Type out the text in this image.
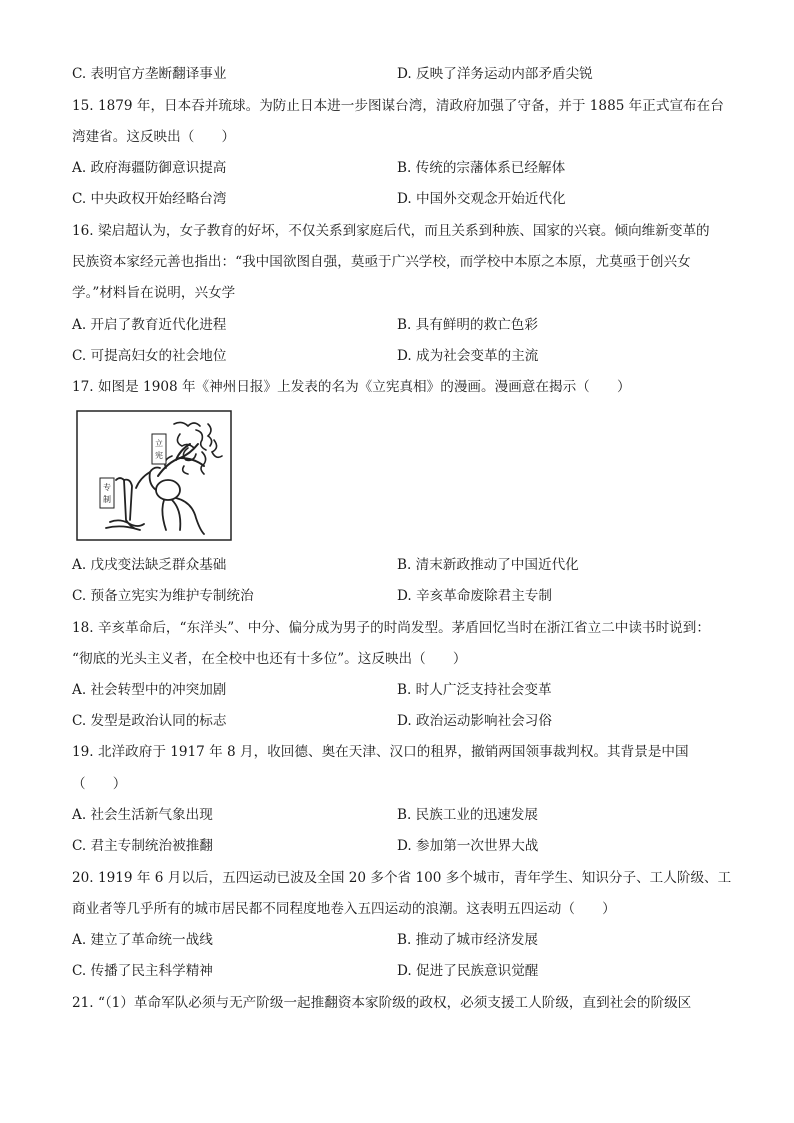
C. 表明官方垄断翻译事业	D. 反映了洋务运动内部矛盾尖锐
15. 1879 年，日本吞并琉球。为防止日本进一步图谋台湾，清政府加强了守备，并于 1885 年正式宣布在台
湾建省。这反映出（　　）
A. 政府海疆防御意识提高	B. 传统的宗藩体系已经解体
C. 中央政权开始经略台湾	D. 中国外交观念开始近代化
16. 梁启超认为，女子教育的好坏，不仅关系到家庭后代，而且关系到种族、国家的兴衰。倾向维新变革的
民族资本家经元善也指出：“我中国欲图自强，莫亟于广兴学校，而学校中本原之本原，尤莫亟于创兴女
学。”材料旨在说明，兴女学
A. 开启了教育近代化进程	B. 具有鲜明的救亡色彩
C. 可提高妇女的社会地位	D. 成为社会变革的主流
17. 如图是 1908 年《神州日报》上发表的名为《立宪真相》的漫画。漫画意在揭示（　　）
立
宪
专
制
A. 戊戌变法缺乏群众基础	B. 清末新政推动了中国近代化
C. 预备立宪实为维护专制统治	D. 辛亥革命废除君主专制
18. 辛亥革命后，“东洋头”、中分、偏分成为男子的时尚发型。茅盾回忆当时在浙江省立二中读书时说到：
“彻底的光头主义者，在全校中也还有十多位”。这反映出（　　）
A. 社会转型中的冲突加剧	B. 时人广泛支持社会变革
C. 发型是政治认同的标志	D. 政治运动影响社会习俗
19. 北洋政府于 1917 年 8 月，收回德、奥在天津、汉口的租界，撤销两国领事裁判权。其背景是中国
（　　）
A. 社会生活新气象出现	B. 民族工业的迅速发展
C. 君主专制统治被推翻	D. 参加第一次世界大战
20. 1919 年 6 月以后，五四运动已波及全国 20 多个省 100 多个城市，青年学生、知识分子、工人阶级、工
商业者等几乎所有的城市居民都不同程度地卷入五四运动的浪潮。这表明五四运动（　　）
A. 建立了革命统一战线	B. 推动了城市经济发展
C. 传播了民主科学精神	D. 促进了民族意识觉醒
21. “（1）革命军队必须与无产阶级一起推翻资本家阶级的政权，必须支援工人阶级，直到社会的阶级区
